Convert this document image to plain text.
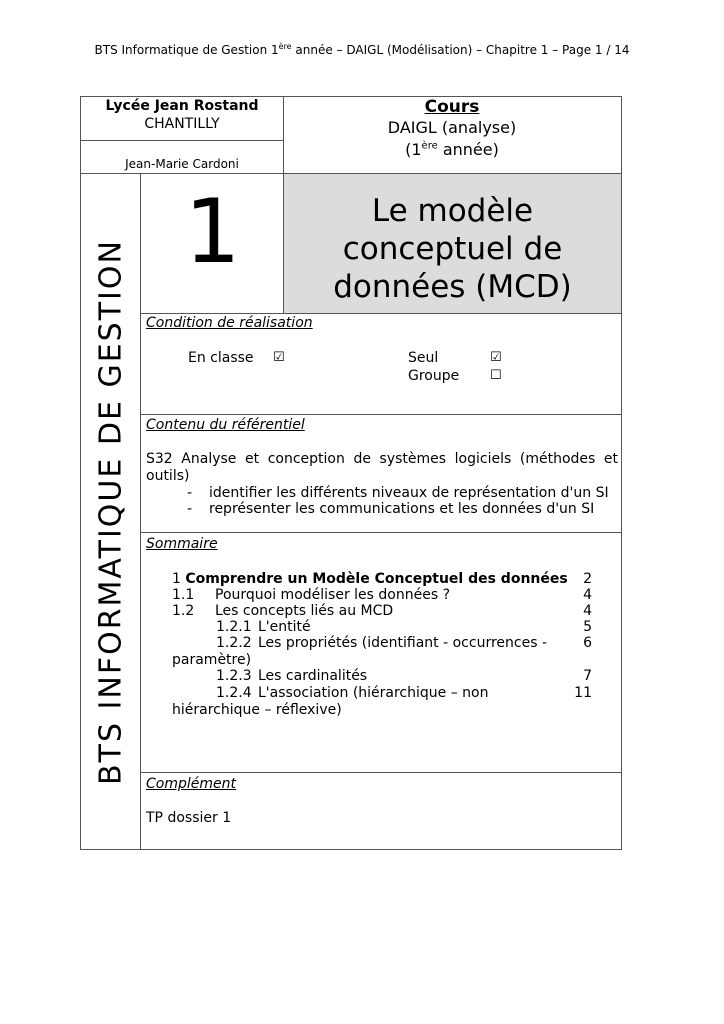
BTS Informatique de Gestion 1ère année – DAIGL (Modélisation) – Chapitre 1 – Page 1 / 14
Lycée Jean Rostand
CHANTILLY
Jean-Marie Cardoni
Cours
DAIGL (analyse)
(1ère année)
1	Le modèle
conceptuel de
données (MCD)
BTS INFORMATIQUE DE GESTION Condition de réalisation
En classe ☑	Seul	☑
Groupe ☐
Contenu du référentiel
S32 Analyse et conception de systèmes logiciels (méthodes et outils)
- identifier les différents niveaux de représentation d'un SI
- représenter les communications et les données d'un SI
Sommaire
1 Comprendre un Modèle Conceptuel des données 2
1.1 Pourquoi modéliser les données ?	4
1.2 Les concepts liés au MCD	4
1.2.1 L'entité	5
1.2.2 Les propriétés (identifiant - occurrences -	6
paramètre)
1.2.3 Les cardinalités	7
1.2.4 L'association (hiérarchique – non	11
hiérarchique – réflexive)
Complément
TP dossier 1
